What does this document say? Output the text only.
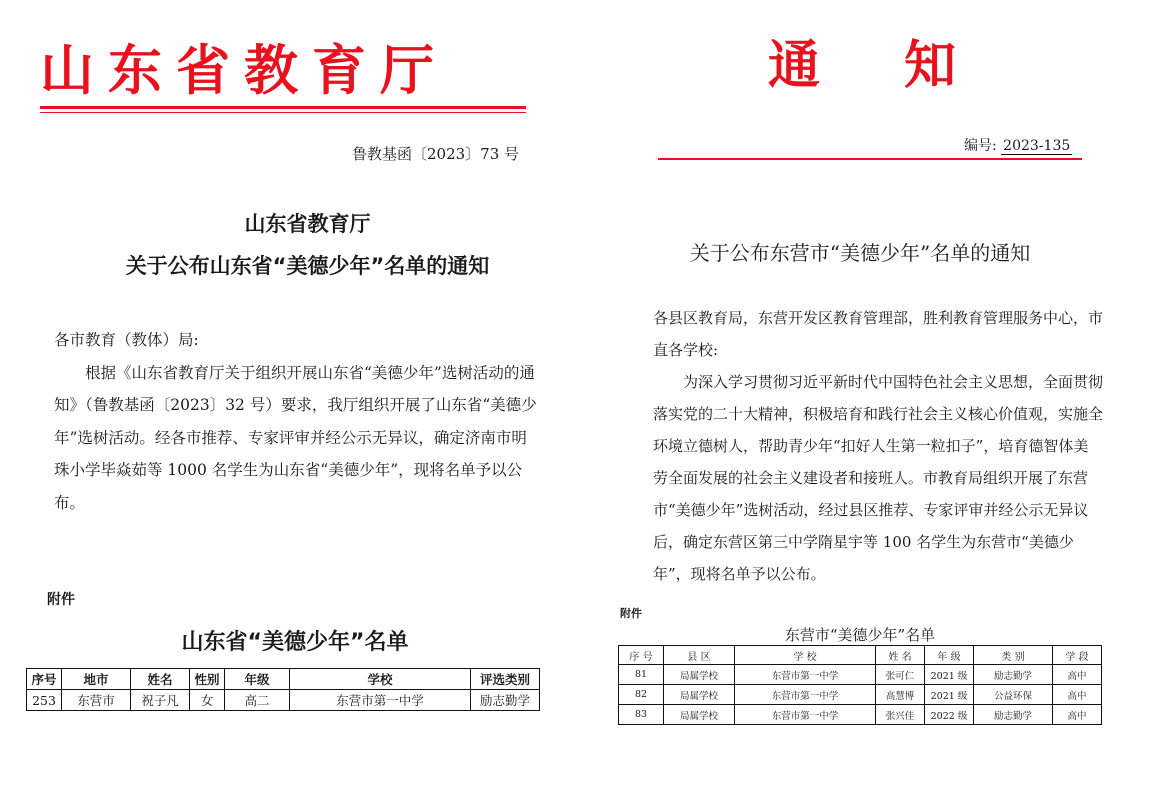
山东省教育厅
鲁教基函〔2023〕73 号
山东省教育厅
关于公布山东省“美德少年”名单的通知

各市教育（教体）局:

根据《山东省教育厅关于组织开展山东省“美德少年”选树活动的通知》（鲁教基函〔2023〕32 号）要求，我厅组织开展了山东省“美德少年”选树活动。经各市推荐、专家评审并经公示无异议，确定济南市明珠小学毕焱茹等 1000 名学生为山东省“美德少年”，现将名单予以公布。

附件
山东省“美德少年”名单
序号	地市	姓名	性别	年级	学校	评选类别
253	东营市	祝子凡	女	高二	东营市第一中学	励志勤学
通 知
编号: 2023-135
关于公布东营市“美德少年”名单的通知

各县区教育局，东营开发区教育管理部，胜利教育管理服务中心，市直各学校:

为深入学习贯彻习近平新时代中国特色社会主义思想，全面贯彻落实党的二十大精神，积极培育和践行社会主义核心价值观，实施全环境立德树人，帮助青少年“扣好人生第一粒扣子”，培育德智体美劳全面发展的社会主义建设者和接班人。市教育局组织开展了东营市“美德少年”选树活动，经过县区推荐、专家评审并经公示无异议后，确定东营区第三中学隋星宇等 100 名学生为东营市“美德少年”，现将名单予以公布。

附件
东营市“美德少年”名单
序 号	县 区	学 校	姓 名	年 级	类 别	学 段
81	局属学校	东营市第一中学	张可仁	2021 级	励志勤学	高中
82	局属学校	东营市第一中学	高慧博	2021 级	公益环保	高中
83	局属学校	东营市第一中学	张兴佳	2022 级	励志勤学	高中
